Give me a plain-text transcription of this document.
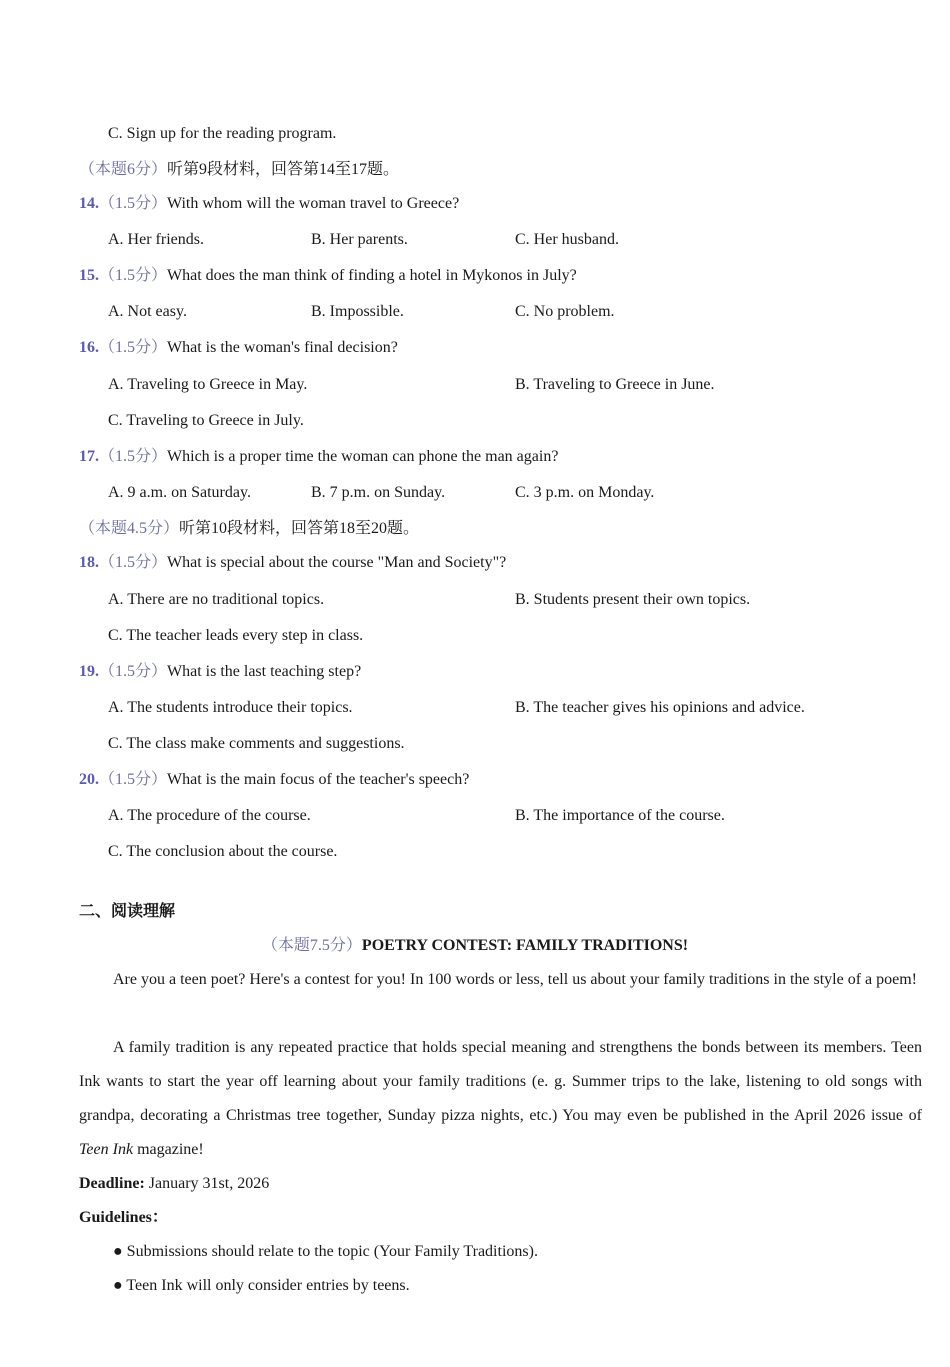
C. Sign up for the reading program.
（本题6分）听第9段材料，回答第14至17题。
14.（1.5分）With whom will the woman travel to Greece?
A. Her friends.	B. Her parents.	C. Her husband.
15.（1.5分）What does the man think of finding a hotel in Mykonos in July?
A. Not easy.	B. Impossible.	C. No problem.
16.（1.5分）What is the woman's final decision?
A. Traveling to Greece in May.	B. Traveling to Greece in June.
C. Traveling to Greece in July.
17.（1.5分）Which is a proper time the woman can phone the man again?
A. 9 a.m. on Saturday.	B. 7 p.m. on Sunday.	C. 3 p.m. on Monday.
（本题4.5分）听第10段材料，回答第18至20题。
18.（1.5分）What is special about the course "Man and Society"?
A. There are no traditional topics.	B. Students present their own topics.
C. The teacher leads every step in class.
19.（1.5分）What is the last teaching step?
A. The students introduce their topics.	B. The teacher gives his opinions and advice.
C. The class make comments and suggestions.
20.（1.5分）What is the main focus of the teacher's speech?
A. The procedure of the course.	B. The importance of the course.
C. The conclusion about the course.
二、阅读理解
（本题7.5分）POETRY CONTEST: FAMILY TRADITIONS!
Are you a teen poet? Here's a contest for you! In 100 words or less, tell us about your family traditions in the style of a poem!
A family tradition is any repeated practice that holds special meaning and strengthens the bonds between its members. Teen Ink wants to start the year off learning about your family traditions (e. g. Summer trips to the lake, listening to old songs with grandpa, decorating a Christmas tree together, Sunday pizza nights, etc.) You may even be published in the April 2026 issue of Teen Ink magazine!
Deadline: January 31st, 2026
Guidelines：
● Submissions should relate to the topic (Your Family Traditions).
● Teen Ink will only consider entries by teens.
